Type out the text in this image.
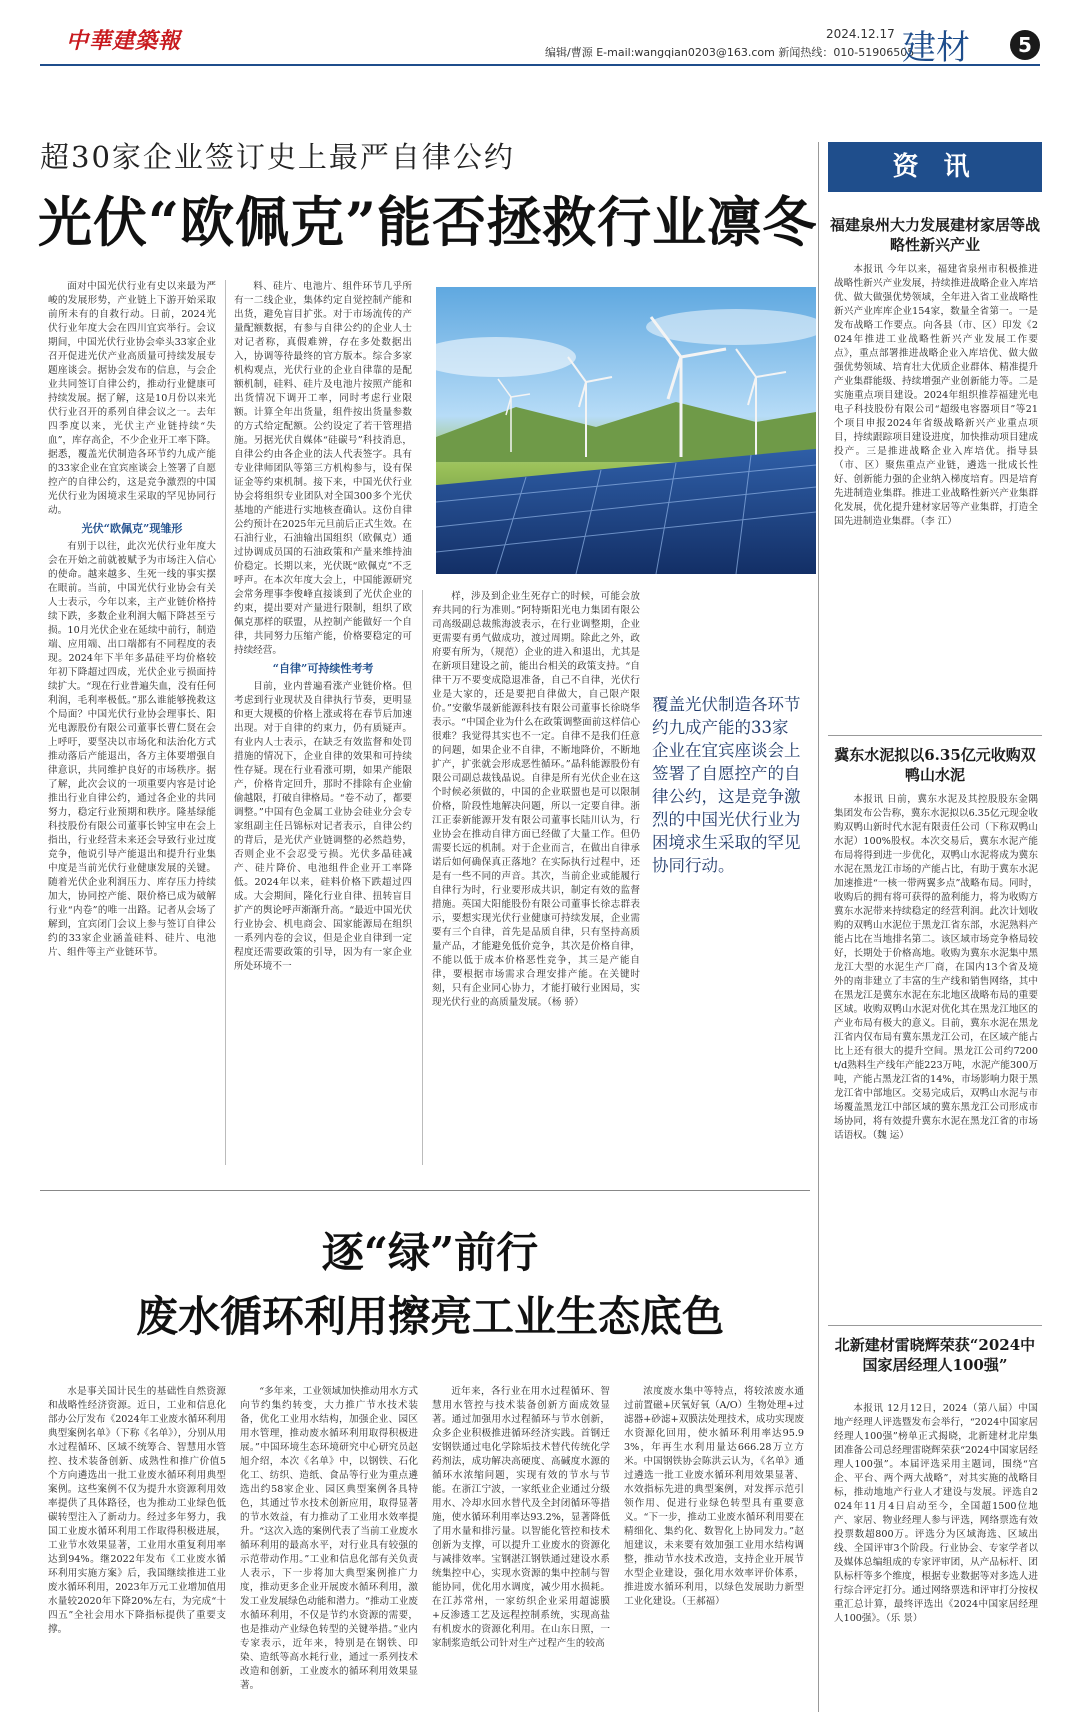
中華建築報	2024.12.17
编辑/曹源 E-mail:wangqian0203@163.com 新闻热线：010-51906505
建材	5
超30家企业签订史上最严自律公约
光伏“欧佩克”能否拯救行业凛冬

面对中国光伏行业有史以来最为严峻的发展形势，产业链上下游开始采取前所未有的自救行动。日前，2024光伏行业年度大会在四川宜宾举行。会议期间，中国光伏行业协会牵头33家企业召开促进光伏产业高质量可持续发展专题座谈会。据协会发布的信息，与会企业共同签订自律公约，推动行业健康可持续发展。据了解，这是10月份以来光伏行业召开的系列自律会议之一。去年四季度以来，光伏主产业链持续“失血”，库存高企，不少企业开工率下降。据悉，覆盖光伏制造各环节约九成产能的33家企业在宜宾座谈会上签署了自愿控产的自律公约，这是竞争激烈的中国光伏行业为困境求生采取的罕见协同行动。

光伏“欧佩克”现雏形

有别于以往，此次光伏行业年度大会在开始之前就被赋予为市场注入信心的使命。越来越多、生死一线的事实摆在眼前。当前，中国光伏行业协会有关人士表示，今年以来，主产业链价格持续下跌，多数企业利润大幅下降甚至亏损。10月光伏企业在延续中前行，制造端、应用端、出口端都有不同程度的表现。2024年下半年多晶硅平均价格较年初下降超过四成，光伏企业亏损面持续扩大。“现在行业普遍失血，没有任何利润，毛利率极低。”那么谁能够挽救这个局面？中国光伏行业协会理事长、阳光电源股份有限公司董事长曹仁贤在会上呼吁，要坚决以市场化和法治化方式推动落后产能退出，各方主体要增强自律意识，共同维护良好的市场秩序。据了解，此次会议的一项重要内容是讨论推出行业自律公约，通过各企业的共同努力，稳定行业预期和秩序。隆基绿能科技股份有限公司董事长钟宝申在会上指出，行业经营未来还会导致行业过度竞争，他说引导产能退出和提升行业集中度是当前光伏行业健康发展的关键。随着光伏企业利润压力、库存压力持续加大，协同控产能、限价格已成为破解行业“内卷”的唯一出路。记者从会场了解到，宜宾闭门会议上参与签订自律公约的33家企业涵盖硅料、硅片、电池片、组件等主产业链环节。

料、硅片、电池片、组件环节几乎所有一二线企业，集体约定自觉控制产能和出货，避免盲目扩张。对于市场流传的产量配额数据，有参与自律公约的企业人士对记者称，真假难辨，存在多处数据出入，协调等待最终的官方版本。综合多家机构观点，光伏行业的企业自律靠的是配额机制，硅料、硅片及电池片按照产能和出货情况下调开工率，同时考虑行业限额。计算全年出货量，组件按出货量参数的方式给定配额。公约设定了若干管理措施。另据光伏自媒体“硅碳号”科技消息，自律公约由各企业的法人代表签字。具有专业律师团队等第三方机构参与，设有保证金等约束机制。接下来，中国光伏行业协会将组织专业团队对全国300多个光伏基地的产能进行实地核查确认。这份自律公约预计在2025年元旦前后正式生效。在石油行业，石油输出国组织（欧佩克）通过协调成员国的石油政策和产量来维持油价稳定。长期以来，光伏既“欧佩克”不乏呼声。在本次年度大会上，中国能源研究会常务理事李俊峰直接谈到了光伏企业的约束，提出要对产量进行限制，组织了欧佩克那样的联盟，从控制产能做好一个自律，共同努力压缩产能，价格要稳定的可持续经营。

“自律”可持续性考考

目前，业内普遍看涨产业链价格。但考虑到行业现状及自律执行节奏，更明显和更大规模的价格上涨或将在春节后加速出现。对于自律的约束力，仍有质疑声。有业内人士表示，在缺乏有效监督和处罚措施的情况下，企业自律的效果和可持续性存疑。现在行业看涨可期，如果产能限产，价格肯定回升，那时不排除有企业偷偷越限，打破自律格局。“卷不动了，都要调整。”中国有色金属工业协会硅业分会专家组副主任吕锦标对记者表示，自律公约的背后，是光伏产业链调整的必然趋势，否则企业不会忍受亏损。光伏多晶硅减产、硅片降价、电池组件企业开工率降低。2024年以来，硅料价格下跌超过四成。大会期间，隆化行业自律、扭转盲目扩产的舆论呼声渐渐升高。“最近中国光伏行业协会、机电商会、国家能源局在组织一系列内卷的会议，但是企业自律到一定程度还需要政策的引导，因为有一家企业所处环境不一

样，涉及到企业生死存亡的时候，可能会放弃共同的行为准则。”阿特斯阳光电力集团有限公司高级副总裁熊海波表示，在行业调整期，企业更需要有勇气做成功，渡过周期。除此之外，政府要有所为，（规范）企业的进入和退出，尤其是在新项目建设之前，能出台相关的政策支持。“自律干万不要变成隐退准备，自己不自律，光伏行业是大家的，还是要把自律做大，自己限产限价。”安徽华晟新能源科技有限公司董事长徐晓华表示。“中国企业为什么在政策调整面前这样信心很难？我觉得其实也不一定。自律不是我们任意的问题，如果企业不自律，不断地降价，不断地扩产，扩张就会形成恶性循环。”晶科能源股份有限公司副总裁钱晶说。自律是所有光伏企业在这个时候必须做的，中国的企业联盟也是可以限制价格，阶段性地解决问题，所以一定要自律。浙江正泰新能源开发有限公司董事长陆川认为，行业协会在推动自律方面已经做了大量工作。但仍需要长远的机制。对于企业而言，在做出自律承诺后如何确保真正落地？在实际执行过程中，还是有一些不同的声音。其次，当前企业或能履行自律行为时，行业要形成共识，制定有效的监督措施。英国大阳能股份有限公司董事长徐志群表示，要想实现光伏行业健康可持续发展，企业需要有三个自律，首先是品质自律，只有坚持高质量产品，才能避免低价竞争，其次是价格自律，不能以低于成本价格恶性竞争，其三是产能自律，要根据市场需求合理安排产能。在关键时刻，只有企业同心协力，才能打破行业困局，实现光伏行业的高质量发展。（杨 骄）

覆盖光伏制造各环节约九成产能的33家企业在宜宾座谈会上签署了自愿控产的自律公约，这是竞争激烈的中国光伏行业为困境求生采取的罕见协同行动。
资 讯
福建泉州大力发展建材家居等战略性新兴产业

本报讯 今年以来，福建省泉州市积极推进战略性新兴产业发展，持续推进战略企业入库培优、做大做强优势领域，全年进入省工业战略性新兴产业库库企业154家，数量全省第一。一是发布战略工作要点。向各县（市、区）印发《2024年推进工业战略性新兴产业发展工作要点》，重点部署推进战略企业入库培优、做大做强优势领域、培育壮大优质企业群体、精准提升产业集群能级、持续增强产业创新能力等。二是实施重点项目建设。2024年组织推荐福建光电电子科技股份有限公司“超级电容器项目”等21个项目申报2024年省级战略新兴产业重点项目，持续跟踪项目建设进度，加快推动项目建成投产。三是推进战略企业入库培优。指导县（市、区）聚焦重点产业链，遴选一批成长性好、创新能力强的企业纳入梯度培育。四是培育先进制造业集群。推进工业战略性新兴产业集群化发展，优化提升建材家居等产业集群，打造全国先进制造业集群。（李 江）

冀东水泥拟以6.35亿元收购双鸭山水泥

本报讯 日前，冀东水泥及其控股股东金隅集团发布公告称，冀东水泥拟以6.35亿元现金收购双鸭山新时代水泥有限责任公司（下称双鸭山水泥）100%股权。本次交易后，冀东水泥产能布局将得到进一步优化，双鸭山水泥将成为冀东水泥在黑龙江市场的产能占比，有助于冀东水泥加速推进“一核一带两翼多点”战略布局。同时，收购后的拥有将可获得的盈利能力，将为收购方冀东水泥带来持续稳定的经营利润。此次计划收购的双鸭山水泥位于黑龙江省东部，水泥熟料产能占比在当地排名第二。该区域市场竞争格局较好，长期处于价格高地。收购为冀东水泥集中黑龙江大型的水泥生产厂商，在国内13个省及境外的南非建立了丰富的生产线和销售网络，其中在黑龙江是冀东水泥在东北地区战略布局的重要区域。收购双鸭山水泥对优化其在黑龙江地区的产业布局有极大的意义。目前，冀东水泥在黑龙江省内仅布局有冀东黑龙江公司，在区域产能占比上还有很大的提升空间。黑龙江公司约7200t/d熟料生产线年产能223万吨，水泥产能300万吨，产能占黑龙江省的14%，市场影响力限于黑龙江省中部地区。交易完成后，双鸭山水泥与市场覆盖黑龙江中部区域的冀东黑龙江公司形成市场协同，将有效提升冀东水泥在黑龙江省的市场话语权。（魏 运）

北新建材雷晓辉荣获“2024中国家居经理人100强”

本报讯 12月12日，2024（第八届）中国地产经理人评选暨发布会举行，“2024中国家居经理人100强”榜单正式揭晓，北新建材北岸集团准备公司总经理雷晓辉荣获“2024中国家居经理人100强”。本届评选采用主题词，围绕“宫企、平台、两个两大战略”，对其实施的战略目标，推动地地产行业人才建设与发展。评选自2024年11月4日启动至今，全国超1500位地产、家居、物业经理人参与评选，网络票选有效投票数超800万。评选分为区域海选、区域出线、全国评审3个阶段。行业协会、专家学者以及媒体总编组成的专家评审团，从产品标杆、团队标杆等多个维度，根据专业数据等对多选人进行综合评定打分。通过网络票选和评审打分按权重汇总计算，最终评选出《2024中国家居经理人100强》。（乐 景）

逐“绿”前行
废水循环利用擦亮工业生态底色

水是事关国计民生的基础性自然资源和战略性经济资源。近日，工业和信息化部办公厅发布《2024年工业废水循环利用典型案例名单》（下称《名单》），分别从用水过程循环、区域不统筹合、智慧用水管控、技术装备创新、成熟性和推广价值5个方向遴选出一批工业废水循环利用典型案例。这些案例不仅为提升水资源利用效率提供了具体路径，也为推动工业绿色低碳转型注入了新动力。经过多年努力，我国工业废水循环利用工作取得积极进展，工业节水效果显著，工业用水重复利用率达到94%。继2022年发布《工业废水循环利用实施方案》后，我国继续推进工业废水循环利用，2023年万元工业增加值用水量较2020年下降20%左右，为完成“十四五”全社会用水下降指标提供了重要支撑。

“多年来，工业领域加快推动用水方式向节约集约转变，大力推广节水技术装备，优化工业用水结构，加强企业、园区用水管理，推动废水循环利用取得积极进展。”中国环境生态环境研究中心研究员赵旭介绍，本次《名单》中，以钢铁、石化化工、纺织、造纸、食品等行业为重点遴选出约58家企业、园区典型案例各具特色，其通过节水技术创新应用，取得显著的节水效益，有力推动了工业用水效率提升。“这次入选的案例代表了当前工业废水循环利用的最高水平，对行业具有较强的示范带动作用。”工业和信息化部有关负责人表示，下一步将加大典型案例推广力度，推动更多企业开展废水循环利用，激发工业发展绿色动能和潜力。“推动工业废水循环利用，不仅是节约水资源的需要，也是推动产业绿色转型的关键举措。”业内专家表示，近年来，特别是在钢铁、印染、造纸等高水耗行业，通过一系列技术改造和创新，工业废水的循环利用效果显著。

近年来，各行业在用水过程循环、智慧用水管控与技术装备创新方面成效显著。通过加强用水过程循环与节水创新，众多企业积极推进循环经济实践。首钢迁安钢铁通过电化学除垢技术替代传统化学药剂法，成功解决高硬度、高碱度水源的循环水浓缩问题，实现有效的节水与节能。在浙江宁波，一家纸业企业通过分级用水、冷却水回水替代及全封闭循环等措施，使水循环利用率达93.2%，显著降低了用水量和排污量。以智能化管控和技术创新为支撑，可以提升工业废水的资源化与减排效率。宝钢湛江钢铁通过建设水系统集控中心，实现水资源的集中控制与智能协同，优化用水调度，减少用水损耗。在江苏常州，一家纺织企业采用超滤膜+反渗透工艺及远程控制系统，实现高盐有机废水的资源化利用。在山东日照，一家制浆造纸公司针对生产过程产生的较高

浓度废水集中等特点，将较浓废水通过前置磁+厌氧好氧（A/O）生物处理+过滤器+砂滤+双膜法处理技术，成功实现废水资源化回用，使水循环利用率达95.93%，年再生水利用量达666.28万立方米。中国钢铁协会陈洪云认为，《名单》通过遴选一批工业废水循环利用效果显著、水效指标先进的典型案例，对发挥示范引领作用、促进行业绿色转型具有重要意义。“下一步，推动工业废水循环利用要在精细化、集约化、数智化上协同发力。”赵旭建议，未来要有效加强工业用水结构调整，推动节水技术改造，支持企业开展节水型企业建设，强化用水效率评价体系，推进废水循环利用，以绿色发展助力新型工业化建设。（王郝福）
